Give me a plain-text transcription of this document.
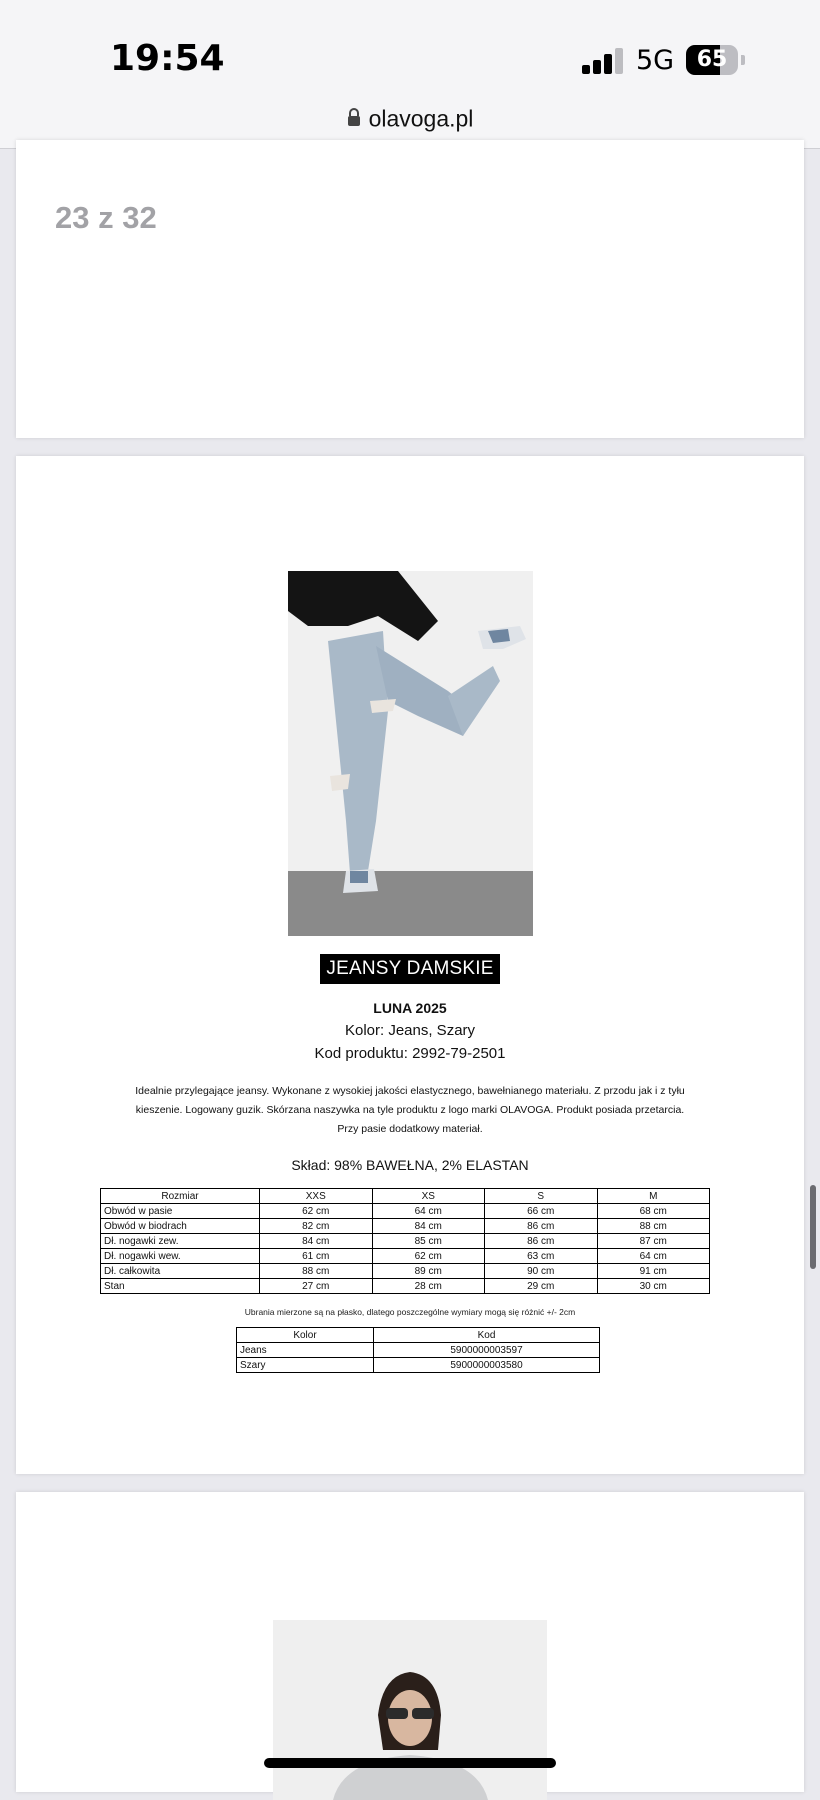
19:54	5G	65
olavoga.pl
23 z 32
JEANSY DAMSKIE
LUNA 2025
Kolor: Jeans, Szary
Kod produktu: 2992-79-2501
Idealnie przylegające jeansy. Wykonane z wysokiej jakości elastycznego, bawełnianego materiału. Z przodu jak i z tyłu
kieszenie. Logowany guzik. Skórzana naszywka na tyle produktu z logo marki OLAVOGA. Produkt posiada przetarcia.
Przy pasie dodatkowy materiał.
Skład: 98% BAWEŁNA, 2% ELASTAN
Rozmiar	XXS	XS	S	M
Obwód w pasie	62 cm	64 cm	66 cm	68 cm
Obwód w biodrach	82 cm	84 cm	86 cm	88 cm
Dł. nogawki zew.	84 cm	85 cm	86 cm	87 cm
Dł. nogawki wew.	61 cm	62 cm	63 cm	64 cm
Dł. całkowita	88 cm	89 cm	90 cm	91 cm
Stan	27 cm	28 cm	29 cm	30 cm
Ubrania mierzone są na płasko, dlatego poszczególne wymiary mogą się różnić +/- 2cm
Kolor	Kod
Jeans	5900000003597
Szary	5900000003580
